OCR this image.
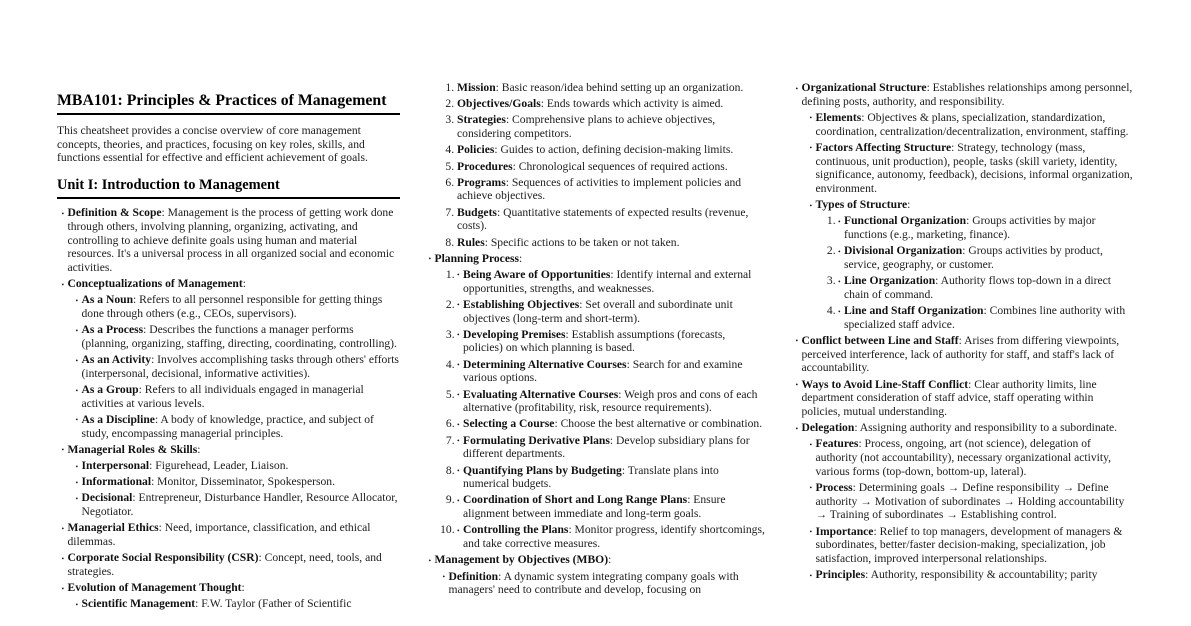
MBA101: Principles & Practices of Management

This cheatsheet provides a concise overview of core management concepts, theories, and practices, focusing on key roles, skills, and functions essential for effective and efficient achievement of goals.

Unit I: Introduction to Management
• Definition & Scope: Management is the process of getting work done through others, involving planning, organizing, activating, and controlling to achieve definite goals using human and material resources. It's a universal process in all organized social and economic activities.
• Conceptualizations of Management:
• As a Noun: Refers to all personnel responsible for getting things done through others (e.g., CEOs, supervisors).
• As a Process: Describes the functions a manager performs (planning, organizing, staffing, directing, coordinating, controlling).
• As an Activity: Involves accomplishing tasks through others' efforts (interpersonal, decisional, informative activities).
• As a Group: Refers to all individuals engaged in managerial activities at various levels.
• As a Discipline: A body of knowledge, practice, and subject of study, encompassing managerial principles.
• Managerial Roles & Skills:
• Interpersonal: Figurehead, Leader, Liaison.
• Informational: Monitor, Disseminator, Spokesperson.
• Decisional: Entrepreneur, Disturbance Handler, Resource Allocator, Negotiator.
• Managerial Ethics: Need, importance, classification, and ethical dilemmas.
• Corporate Social Responsibility (CSR): Concept, need, tools, and strategies.
• Evolution of Management Thought:
• Scientific Management: F.W. Taylor (Father of Scientific
1. Mission: Basic reason/idea behind setting up an organization.
2. Objectives/Goals: Ends towards which activity is aimed.
3. Strategies: Comprehensive plans to achieve objectives, considering competitors.
4. Policies: Guides to action, defining decision-making limits.
5. Procedures: Chronological sequences of required actions.
6. Programs: Sequences of activities to implement policies and achieve objectives.
7. Budgets: Quantitative statements of expected results (revenue, costs).
8. Rules: Specific actions to be taken or not taken.
• Planning Process:
• 1. Being Aware of Opportunities: Identify internal and external opportunities, strengths, and weaknesses.
• 2. Establishing Objectives: Set overall and subordinate unit objectives (long-term and short-term).
• 3. Developing Premises: Establish assumptions (forecasts, policies) on which planning is based.
• 4. Determining Alternative Courses: Search for and examine various options.
• 5. Evaluating Alternative Courses: Weigh pros and cons of each alternative (profitability, risk, resource requirements).
• 6. Selecting a Course: Choose the best alternative or combination.
• 7. Formulating Derivative Plans: Develop subsidiary plans for different departments.
• 8. Quantifying Plans by Budgeting: Translate plans into numerical budgets.
• 9. Coordination of Short and Long Range Plans: Ensure alignment between immediate and long-term goals.
• 10. Controlling the Plans: Monitor progress, identify shortcomings, and take corrective measures.
• Management by Objectives (MBO):
• Definition: A dynamic system integrating company goals with managers' need to contribute and develop, focusing on
• Organizational Structure: Establishes relationships among personnel, defining posts, authority, and responsibility.
• Elements: Objectives & plans, specialization, standardization, coordination, centralization/decentralization, environment, staffing.
• Factors Affecting Structure: Strategy, technology (mass, continuous, unit production), people, tasks (skill variety, identity, significance, autonomy, feedback), decisions, informal organization, environment.
• Types of Structure:
• 1. Functional Organization: Groups activities by major functions (e.g., marketing, finance).
• 2. Divisional Organization: Groups activities by product, service, geography, or customer.
• 3. Line Organization: Authority flows top-down in a direct chain of command.
• 4. Line and Staff Organization: Combines line authority with specialized staff advice.
• Conflict between Line and Staff: Arises from differing viewpoints, perceived interference, lack of authority for staff, and staff's lack of accountability.
• Ways to Avoid Line-Staff Conflict: Clear authority limits, line department consideration of staff advice, staff operating within policies, mutual understanding.
• Delegation: Assigning authority and responsibility to a subordinate.
• Features: Process, ongoing, art (not science), delegation of authority (not accountability), necessary organizational activity, various forms (top-down, bottom-up, lateral).
• Process: Determining goals → Define responsibility → Define authority → Motivation of subordinates → Holding accountability → Training of subordinates → Establishing control.
• Importance: Relief to top managers, development of managers & subordinates, better/faster decision-making, specialization, job satisfaction, improved interpersonal relationships.
• Principles: Authority, responsibility & accountability; parity
